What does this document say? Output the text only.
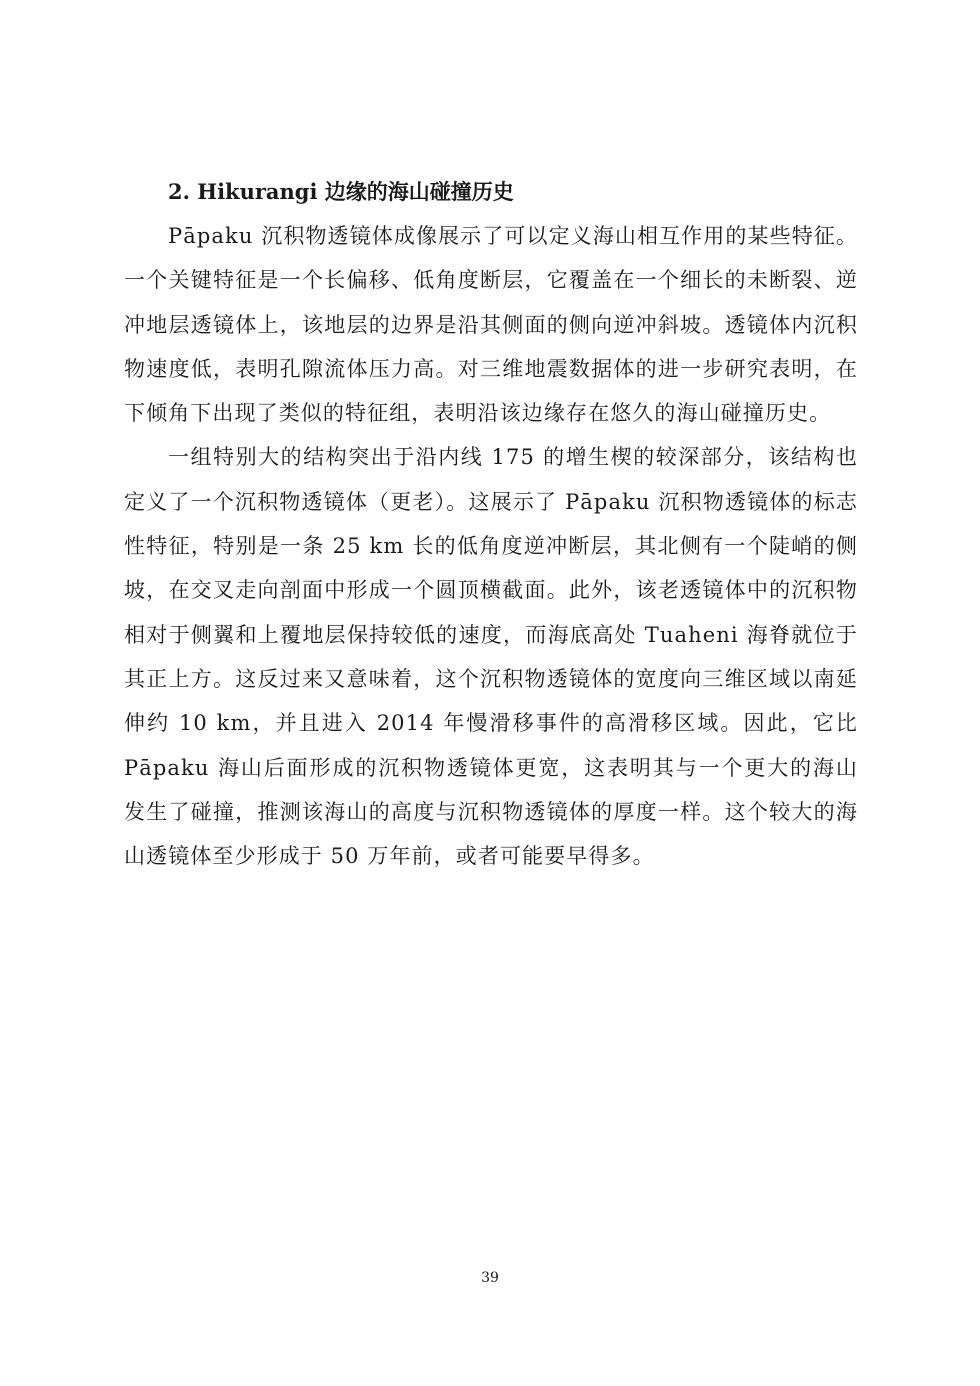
2. Hikurangi 边缘的海山碰撞历史

Pāpaku 沉积物透镜体成像展示了可以定义海山相互作用的某些特征。一个关键特征是一个长偏移、低角度断层，它覆盖在一个细长的未断裂、逆冲地层透镜体上，该地层的边界是沿其侧面的侧向逆冲斜坡。透镜体内沉积物速度低，表明孔隙流体压力高。对三维地震数据体的进一步研究表明，在下倾角下出现了类似的特征组，表明沿该边缘存在悠久的海山碰撞历史。

一组特别大的结构突出于沿内线 175 的增生楔的较深部分，该结构也定义了一个沉积物透镜体（更老）。这展示了 Pāpaku 沉积物透镜体的标志性特征，特别是一条 25 km 长的低角度逆冲断层，其北侧有一个陡峭的侧坡，在交叉走向剖面中形成一个圆顶横截面。此外，该老透镜体中的沉积物相对于侧翼和上覆地层保持较低的速度，而海底高处 Tuaheni 海脊就位于其正上方。这反过来又意味着，这个沉积物透镜体的宽度向三维区域以南延伸约 10 km，并且进入 2014 年慢滑移事件的高滑移区域。因此，它比 Pāpaku 海山后面形成的沉积物透镜体更宽，这表明其与一个更大的海山发生了碰撞，推测该海山的高度与沉积物透镜体的厚度一样。这个较大的海山透镜体至少形成于 50 万年前，或者可能要早得多。

39
